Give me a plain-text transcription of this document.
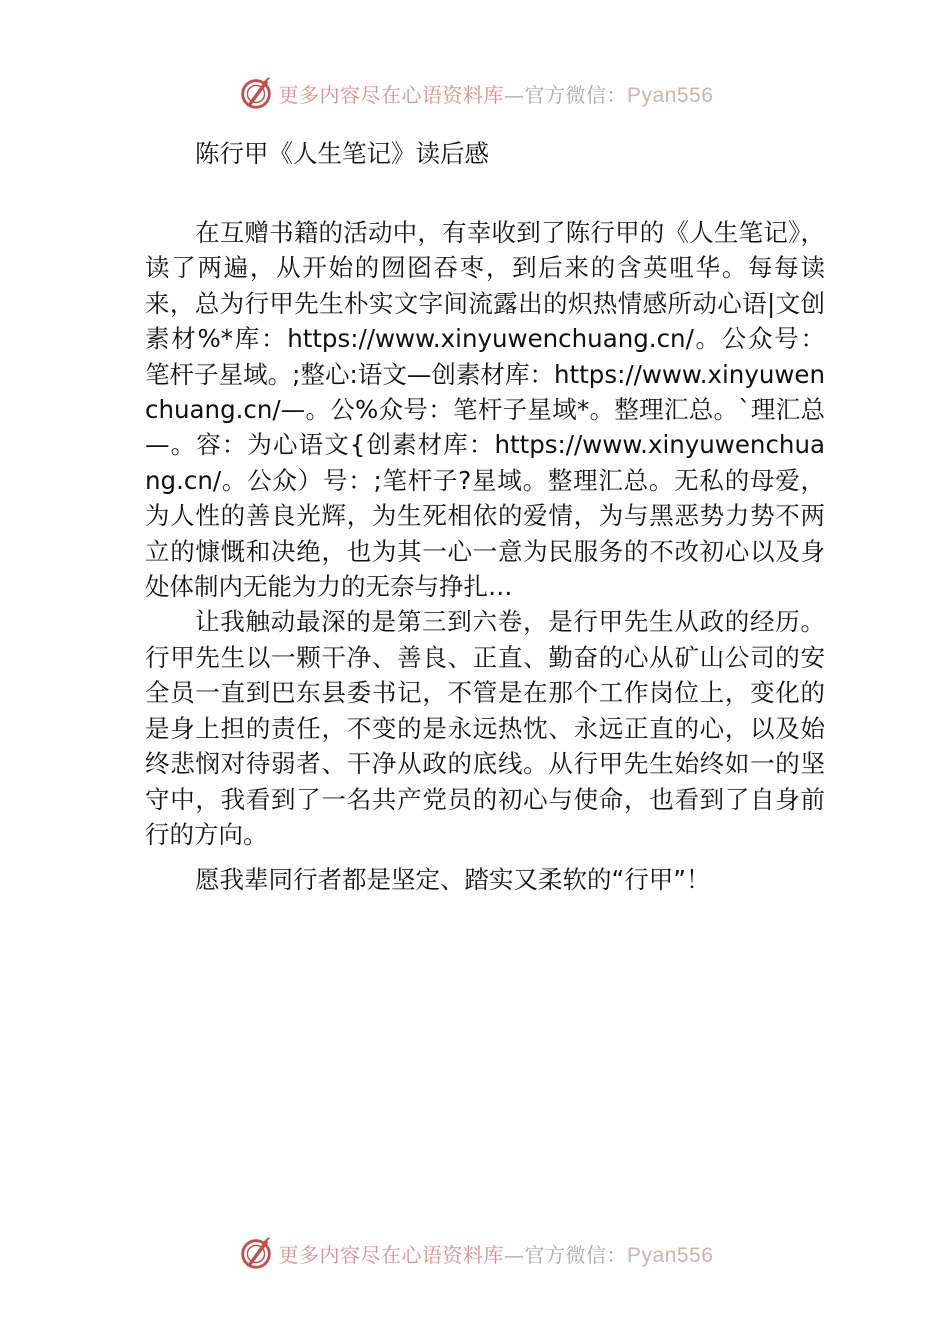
更多内容尽在心语资料库—官方微信：Pyan556
陈行甲《人生笔记》读后感

在互赠书籍的活动中，有幸收到了陈行甲的《人生笔记》，读了两遍，从开始的囫囵吞枣，到后来的含英咀华。每每读来，总为行甲先生朴实文字间流露出的炽热情感所动心语|文创素材%*库：https://www.xinyuwenchuang.cn/。公众号：笔杆子星域。;整心:语文—创素材库：https://www.xinyuwenchuang.cn/—。公%众号：笔杆子星域*。整理汇总。`理汇总—。容：为心语文{创素材库：https://www.xinyuwenchuang.cn/。公众）号：;笔杆子?星域。整理汇总。无私的母爱，为人性的善良光辉，为生死相依的爱情，为与黑恶势力势不两立的慷慨和决绝，也为其一心一意为民服务的不改初心以及身处体制内无能为力的无奈与挣扎…

让我触动最深的是第三到六卷，是行甲先生从政的经历。行甲先生以一颗干净、善良、正直、勤奋的心从矿山公司的安全员一直到巴东县委书记，不管是在那个工作岗位上，变化的是身上担的责任，不变的是永远热忱、永远正直的心，以及始终悲悯对待弱者、干净从政的底线。从行甲先生始终如一的坚守中，我看到了一名共产党员的初心与使命，也看到了自身前行的方向。

愿我辈同行者都是坚定、踏实又柔软的“行甲”！

更多内容尽在心语资料库—官方微信：Pyan556
